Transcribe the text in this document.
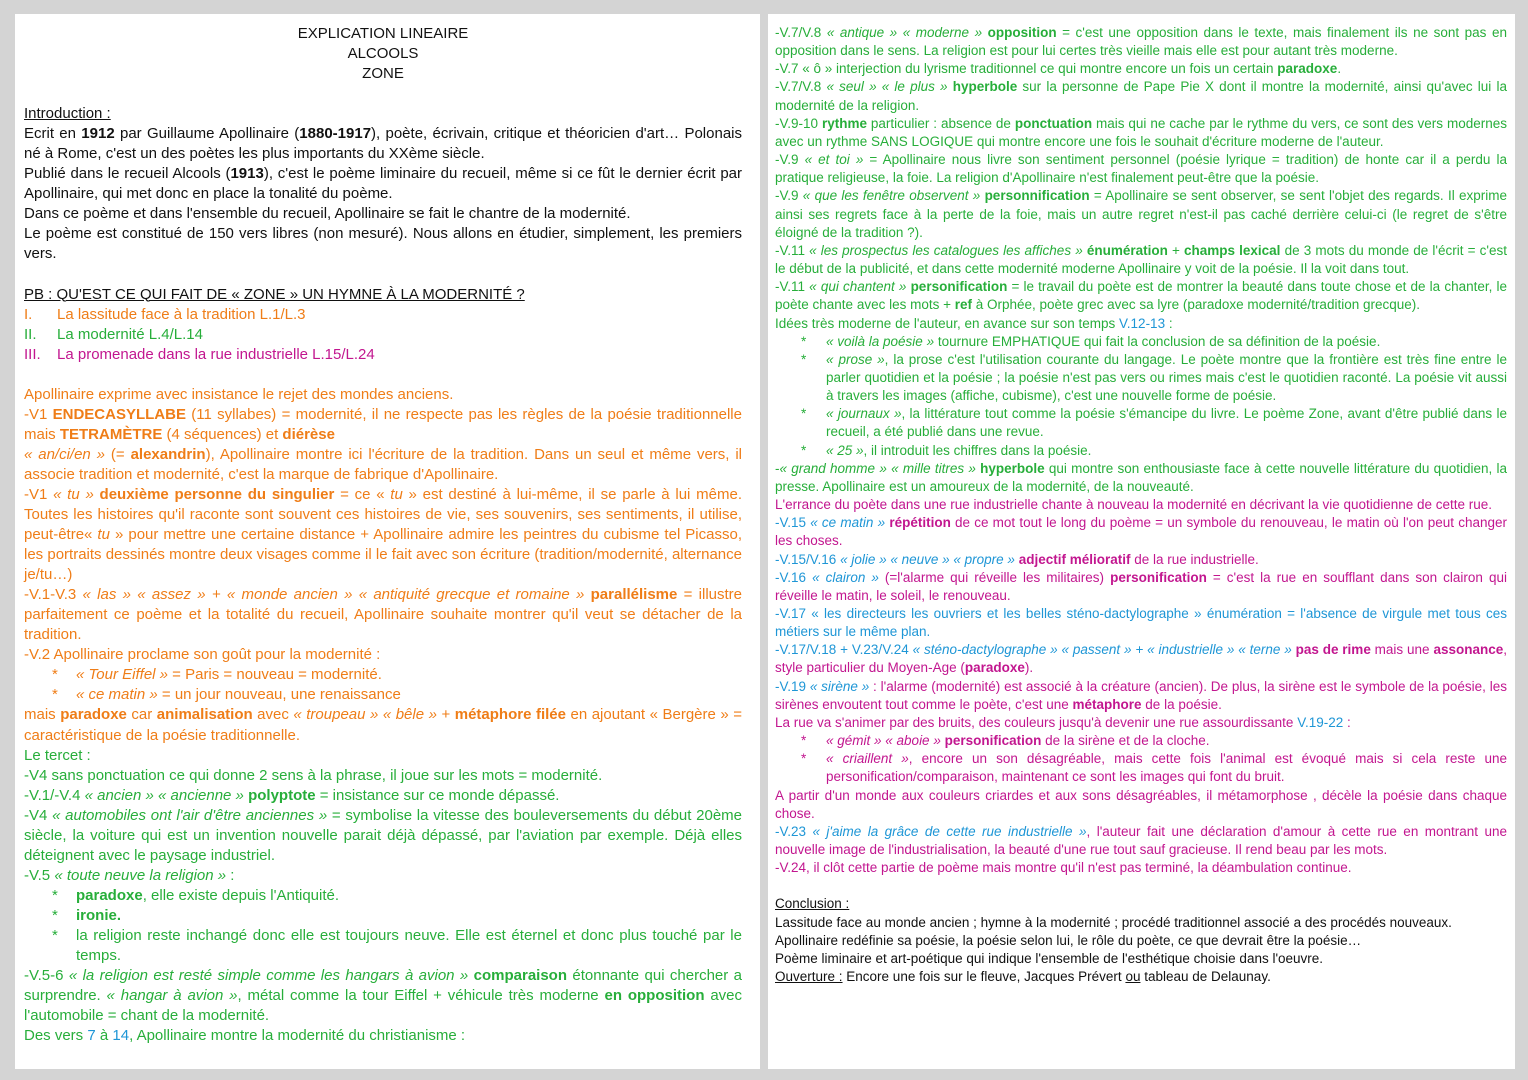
EXPLICATION LINEAIRE

ALCOOLS

ZONE

Introduction :

Ecrit en 1912 par Guillaume Apollinaire (1880-1917), poète, écrivain, critique et théoricien d'art… Polonais né à Rome, c'est un des poètes les plus importants du XXème siècle.

Publié dans le recueil Alcools (1913), c'est le poème liminaire du recueil, même si ce fût le dernier écrit par Apollinaire, qui met donc en place la tonalité du poème.

Dans ce poème et dans l'ensemble du recueil, Apollinaire se fait le chantre de la modernité.

Le poème est constitué de 150 vers libres (non mesuré). Nous allons en étudier, simplement, les premiers vers.

PB : QU'EST CE QUI FAIT DE « ZONE » UN HYMNE À LA MODERNITÉ ?

I. La lassitude face à la tradition L.1/L.3

II. La modernité L.4/L.14

III. La promenade dans la rue industrielle L.15/L.24

Apollinaire exprime avec insistance le rejet des mondes anciens.

-V1 ENDECASYLLABE (11 syllabes) = modernité, il ne respecte pas les règles de la poésie traditionnelle mais TETRAMÈTRE (4 séquences) et diérèse

« an/ci/en » (= alexandrin), Apollinaire montre ici l'écriture de la tradition. Dans un seul et même vers, il associe tradition et modernité, c'est la marque de fabrique d'Apollinaire.

-V1 « tu » deuxième personne du singulier = ce « tu » est destiné à lui-même, il se parle à lui même. Toutes les histoires qu'il raconte sont souvent ces histoires de vie, ses souvenirs, ses sentiments, il utilise, peut-être« tu » pour mettre une certaine distance + Apollinaire admire les peintres du cubisme tel Picasso, les portraits dessinés montre deux visages comme il le fait avec son écriture (tradition/modernité, alternance je/tu…)

-V.1-V.3 « las » « assez » + « monde ancien » « antiquité grecque et romaine » parallélisme = illustre parfaitement ce poème et la totalité du recueil, Apollinaire souhaite montrer qu'il veut se détacher de la tradition.

-V.2 Apollinaire proclame son goût pour la modernité :

* « Tour Eiffel » = Paris = nouveau = modernité.

* « ce matin » = un jour nouveau, une renaissance

mais paradoxe car animalisation avec « troupeau » « bêle » + métaphore filée en ajoutant « Bergère » = caractéristique de la poésie traditionnelle.

Le tercet :

-V4 sans ponctuation ce qui donne 2 sens à la phrase, il joue sur les mots = modernité.

-V.1/-V.4 « ancien » « ancienne » polyptote = insistance sur ce monde dépassé.

-V4 « automobiles ont l'air d'être anciennes » = symbolise la vitesse des bouleversements du début 20ème siècle, la voiture qui est un invention nouvelle parait déjà dépassé, par l'aviation par exemple. Déjà elles déteignent avec le paysage industriel.

-V.5 « toute neuve la religion » :

* paradoxe, elle existe depuis l'Antiquité.

* ironie.

* la religion reste inchangé donc elle est toujours neuve. Elle est éternel et donc plus touché par le temps.

-V.5-6 « la religion est resté simple comme les hangars à avion » comparaison étonnante qui chercher a surprendre. « hangar à avion », métal comme la tour Eiffel + véhicule très moderne en opposition avec l'automobile = chant de la modernité.

Des vers 7 à 14, Apollinaire montre la modernité du christianisme :

-V.7/V.8 « antique » « moderne » opposition = c'est une opposition dans le texte, mais finalement ils ne sont pas en opposition dans le sens. La religion est pour lui certes très vieille mais elle est pour autant très moderne.

-V.7 « ô » interjection du lyrisme traditionnel ce qui montre encore un fois un certain paradoxe.

-V.7/V.8 « seul » « le plus » hyperbole sur la personne de Pape Pie X dont il montre la modernité, ainsi qu'avec lui la modernité de la religion.

-V.9-10 rythme particulier : absence de ponctuation mais qui ne cache par le rythme du vers, ce sont des vers modernes avec un rythme SANS LOGIQUE qui montre encore une fois le souhait d'écriture moderne de l'auteur.

-V.9 « et toi » = Apollinaire nous livre son sentiment personnel (poésie lyrique = tradition) de honte car il a perdu la pratique religieuse, la foie. La religion d'Apollinaire n'est finalement peut-être que la poésie.

-V.9 « que les fenêtre observent » personnification = Apollinaire se sent observer, se sent l'objet des regards. Il exprime ainsi ses regrets face à la perte de la foie, mais un autre regret n'est-il pas caché derrière celui-ci (le regret de s'être éloigné de la tradition ?).

-V.11 « les prospectus les catalogues les affiches » énumération + champs lexical de 3 mots du monde de l'écrit = c'est le début de la publicité, et dans cette modernité moderne Apollinaire y voit de la poésie. Il la voit dans tout.

-V.11 « qui chantent » personification = le travail du poète est de montrer la beauté dans toute chose et de la chanter, le poète chante avec les mots + ref à Orphée, poète grec avec sa lyre (paradoxe modernité/tradition grecque).

Idées très moderne de l'auteur, en avance sur son temps V.12-13 :

* « voilà la poésie » tournure EMPHATIQUE qui fait la conclusion de sa définition de la poésie.

* « prose », la prose c'est l'utilisation courante du langage. Le poète montre que la frontière est très fine entre le parler quotidien et la poésie ; la poésie n'est pas vers ou rimes mais c'est le quotidien raconté. La poésie vit aussi à travers les images (affiche, cubisme), c'est une nouvelle forme de poésie.

* « journaux », la littérature tout comme la poésie s'émancipe du livre. Le poème Zone, avant d'être publié dans le recueil, a été publié dans une revue.

* « 25 », il introduit les chiffres dans la poésie.

-« grand homme » « mille titres » hyperbole qui montre son enthousiaste face à cette nouvelle littérature du quotidien, la presse. Apollinaire est un amoureux de la modernité, de la nouveauté.

L'errance du poète dans une rue industrielle chante à nouveau la modernité en décrivant la vie quotidienne de cette rue.

-V.15 « ce matin » répétition de ce mot tout le long du poème = un symbole du renouveau, le matin où l'on peut changer les choses.

-V.15/V.16 « jolie » « neuve » « propre » adjectif mélioratif de la rue industrielle.

-V.16 « clairon » (=l'alarme qui réveille les militaires) personification = c'est la rue en soufflant dans son clairon qui réveille le matin, le soleil, le renouveau.

-V.17 « les directeurs les ouvriers et les belles sténo-dactylographe » énumération = l'absence de virgule met tous ces métiers sur le même plan.

-V.17/V.18 + V.23/V.24 « sténo-dactylographe » « passent » + « industrielle » « terne » pas de rime mais une assonance, style particulier du Moyen-Age (paradoxe).

-V.19 « sirène » : l'alarme (modernité) est associé à la créature (ancien). De plus, la sirène est le symbole de la poésie, les sirènes envoutent tout comme le poète, c'est une métaphore de la poésie.

La rue va s'animer par des bruits, des couleurs jusqu'à devenir une rue assourdissante V.19-22 :

* « gémit » « aboie » personification de la sirène et de la cloche.

* « criaillent », encore un son désagréable, mais cette fois l'animal est évoqué mais si cela reste une personification/comparaison, maintenant ce sont les images qui font du bruit.

A partir d'un monde aux couleurs criardes et aux sons désagréables, il métamorphose , décèle la poésie dans chaque chose.

-V.23 « j'aime la grâce de cette rue industrielle », l'auteur fait une déclaration d'amour à cette rue en montrant une nouvelle image de l'industrialisation, la beauté d'une rue tout sauf gracieuse. Il rend beau par les mots.

-V.24, il clôt cette partie de poème mais montre qu'il n'est pas terminé, la déambulation continue.

Conclusion :

Lassitude face au monde ancien ; hymne à la modernité ; procédé traditionnel associé a des procédés nouveaux.

Apollinaire redéfinie sa poésie, la poésie selon lui, le rôle du poète, ce que devrait être la poésie…

Poème liminaire et art-poétique qui indique l'ensemble de l'esthétique choisie dans l'oeuvre.

Ouverture : Encore une fois sur le fleuve, Jacques Prévert ou tableau de Delaunay.
